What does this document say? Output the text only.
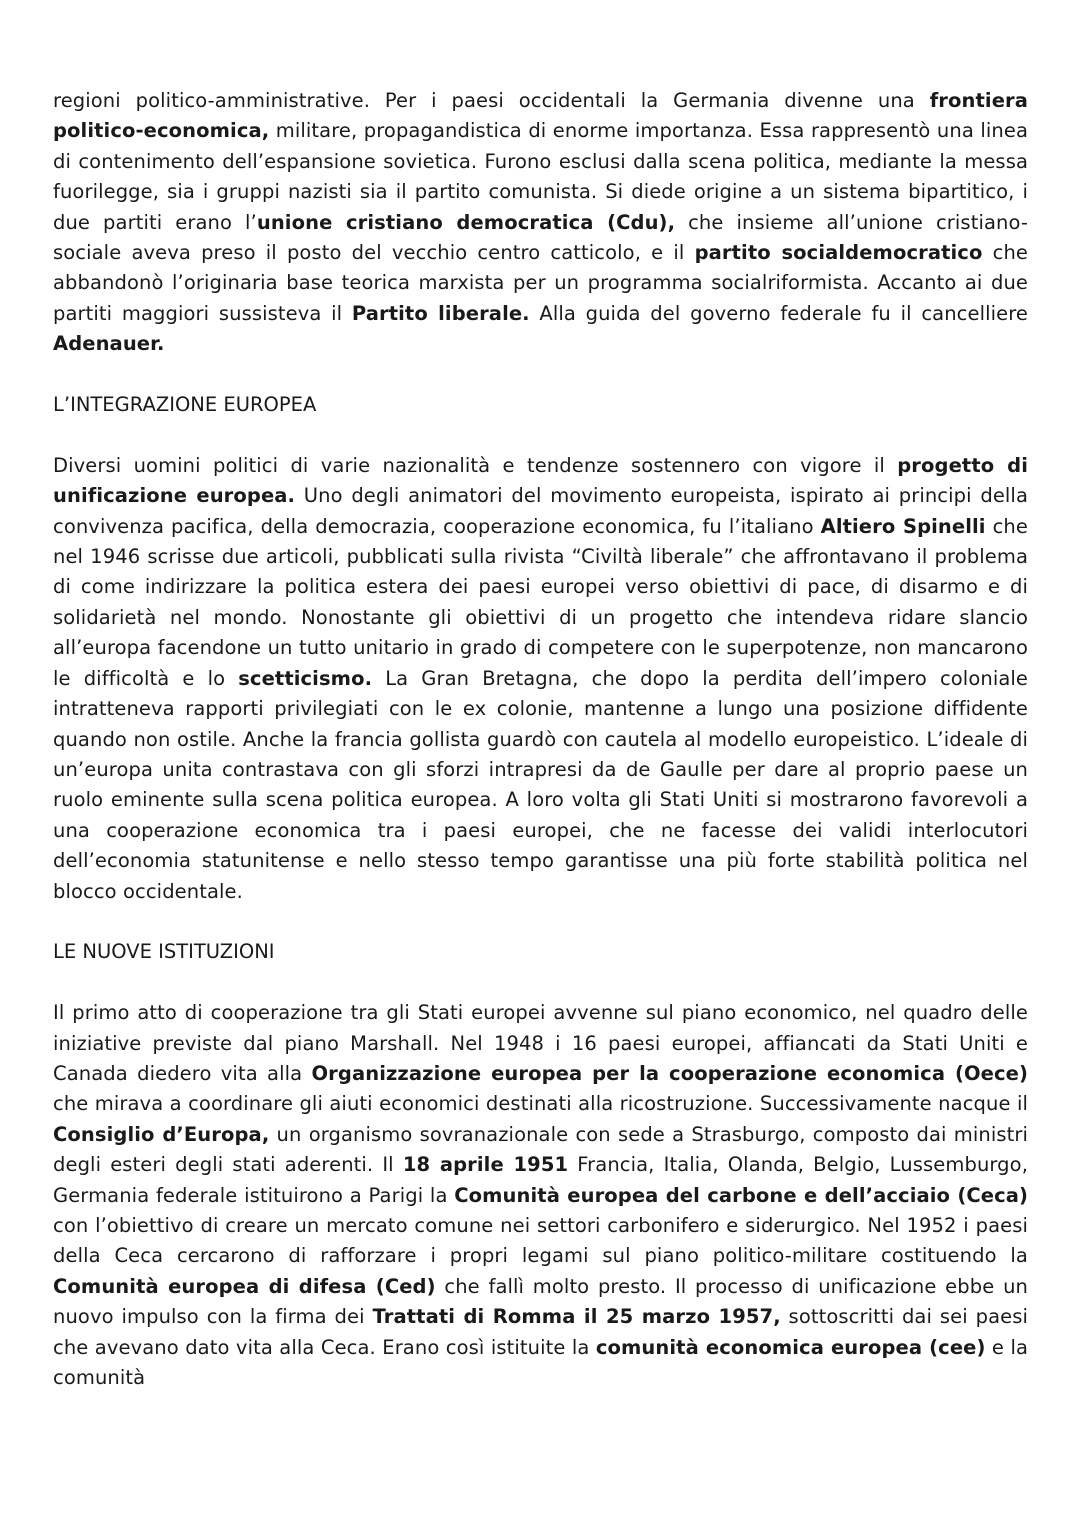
regioni politico-amministrative. Per i paesi occidentali la Germania divenne una frontiera politico-economica, militare, propagandistica di enorme importanza. Essa rappresentò una linea di contenimento dell’espansione sovietica. Furono esclusi dalla scena politica, mediante la messa fuorilegge, sia i gruppi nazisti sia il partito comunista. Si diede origine a un sistema bipartitico, i due partiti erano l’unione cristiano democratica (Cdu), che insieme all’unione cristiano-sociale aveva preso il posto del vecchio centro catticolo, e il partito socialdemocratico che abbandonò l’originaria base teorica marxista per un programma socialriformista. Accanto ai due partiti maggiori sussisteva il Partito liberale. Alla guida del governo federale fu il cancelliere Adenauer.

L’INTEGRAZIONE EUROPEA

Diversi uomini politici di varie nazionalità e tendenze sostennero con vigore il progetto di unificazione europea. Uno degli animatori del movimento europeista, ispirato ai principi della convivenza pacifica, della democrazia, cooperazione economica, fu l’italiano Altiero Spinelli che nel 1946 scrisse due articoli, pubblicati sulla rivista “Civiltà liberale” che affrontavano il problema di come indirizzare la politica estera dei paesi europei verso obiettivi di pace, di disarmo e di solidarietà nel mondo. Nonostante gli obiettivi di un progetto che intendeva ridare slancio all’europa facendone un tutto unitario in grado di competere con le superpotenze, non mancarono le difficoltà e lo scetticismo. La Gran Bretagna, che dopo la perdita dell’impero coloniale intratteneva rapporti privilegiati con le ex colonie, mantenne a lungo una posizione diffidente quando non ostile. Anche la francia gollista guardò con cautela al modello europeistico. L’ideale di un’europa unita contrastava con gli sforzi intrapresi da de Gaulle per dare al proprio paese un ruolo eminente sulla scena politica europea. A loro volta gli Stati Uniti si mostrarono favorevoli a una cooperazione economica tra i paesi europei, che ne facesse dei validi interlocutori dell’economia statunitense e nello stesso tempo garantisse una più forte stabilità politica nel blocco occidentale.

LE NUOVE ISTITUZIONI

Il primo atto di cooperazione tra gli Stati europei avvenne sul piano economico, nel quadro delle iniziative previste dal piano Marshall. Nel 1948 i 16 paesi europei, affiancati da Stati Uniti e Canada diedero vita alla Organizzazione europea per la cooperazione economica (Oece) che mirava a coordinare gli aiuti economici destinati alla ricostruzione. Successivamente nacque il Consiglio d’Europa, un organismo sovranazionale con sede a Strasburgo, composto dai ministri degli esteri degli stati aderenti. Il 18 aprile 1951 Francia, Italia, Olanda, Belgio, Lussemburgo, Germania federale istituirono a Parigi la Comunità europea del carbone e dell’acciaio (Ceca) con l’obiettivo di creare un mercato comune nei settori carbonifero e siderurgico. Nel 1952 i paesi della Ceca cercarono di rafforzare i propri legami sul piano politico-militare costituendo la Comunità europea di difesa (Ced) che fallì molto presto. Il processo di unificazione ebbe un nuovo impulso con la firma dei Trattati di Romma il 25 marzo 1957, sottoscritti dai sei paesi che avevano dato vita alla Ceca. Erano così istituite la comunità economica europea (cee) e la comunità
